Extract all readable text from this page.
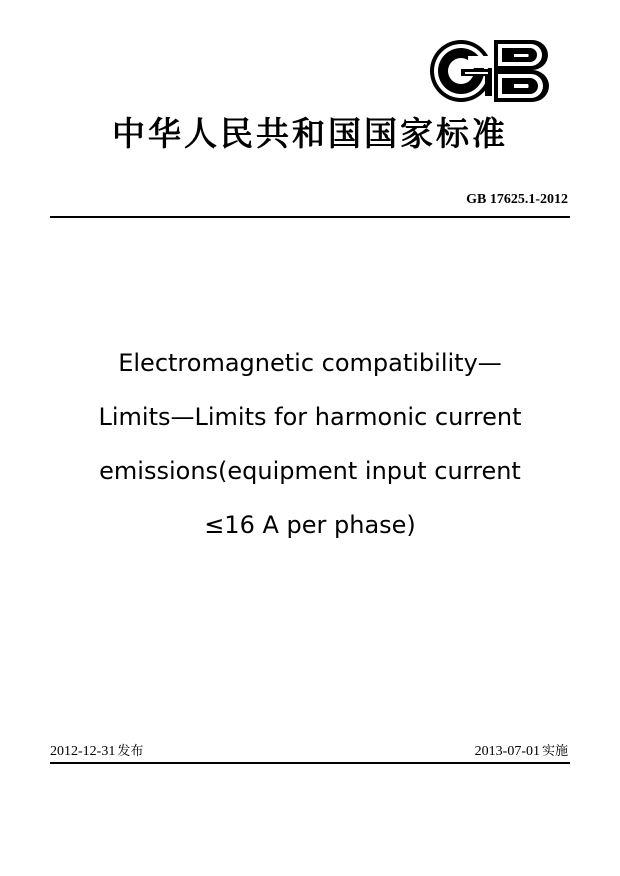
中华人民共和国国家标准
GB 17625.1-2012
Electromagnetic compatibility—
Limits—Limits for harmonic current
emissions(equipment input current
≤16 A per phase)
2012-12-31 发布	2013-07-01 实施
